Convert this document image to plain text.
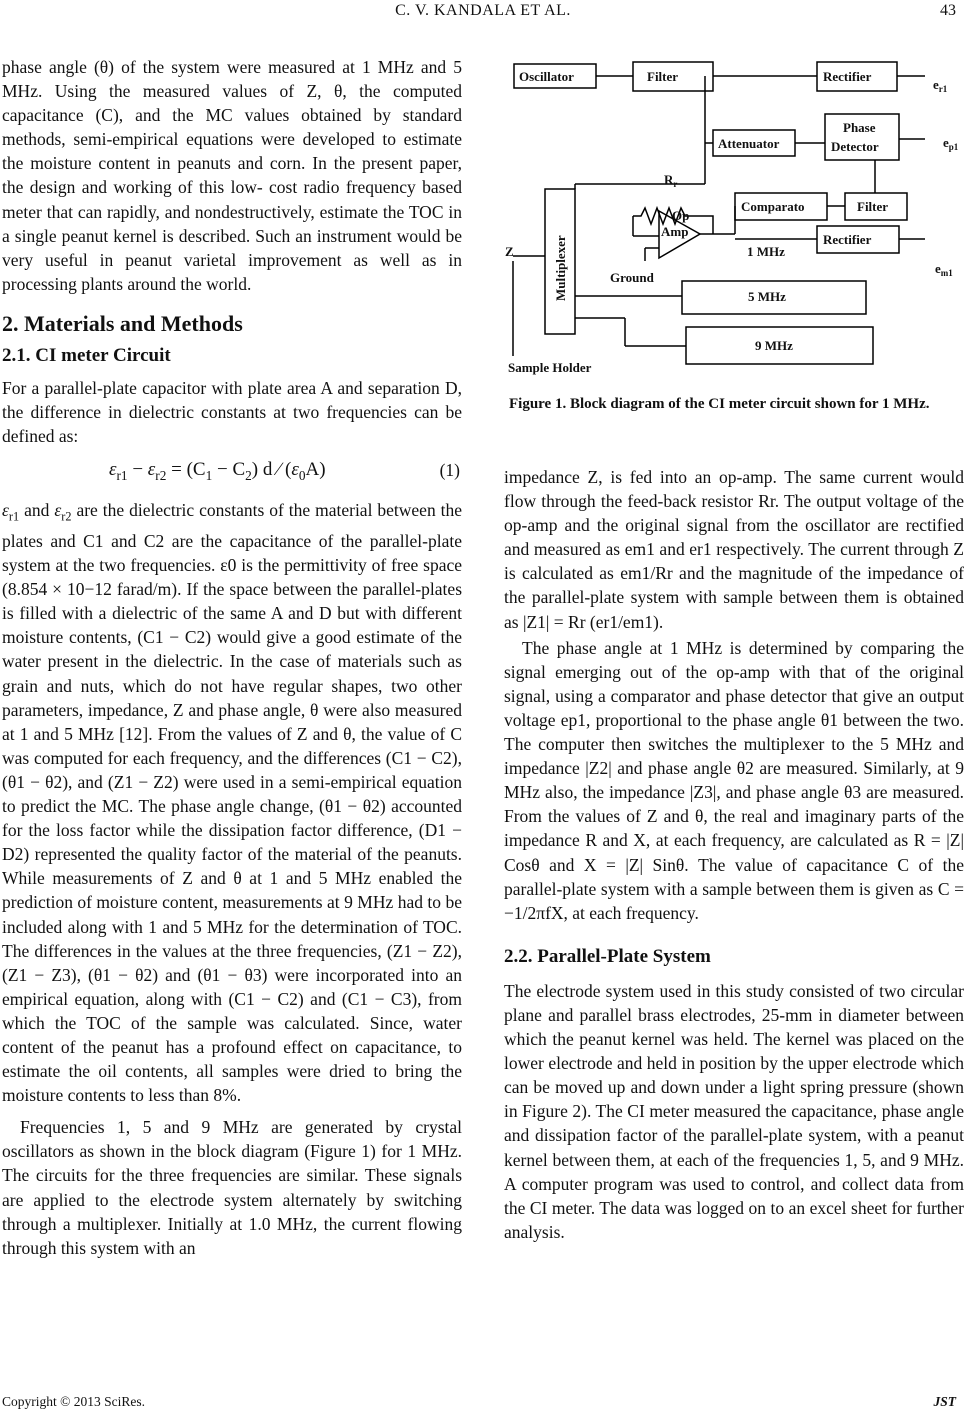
C. V. KANDALA ET AL.	43

phase angle (θ) of the system were measured at 1 MHz and 5 MHz. Using the measured values of Z, θ, the computed capacitance (C), and the MC values obtained by standard methods, semi-empirical equations were developed to estimate the moisture content in peanuts and corn. In the present paper, the design and working of this low- cost radio frequency based meter that can rapidly, and nondestructively, estimate the TOC in a single peanut kernel is described. Such an instrument would be very useful in peanut varietal improvement as well as in processing plants around the world.

2. Materials and Methods
2.1. CI meter Circuit

For a parallel-plate capacitor with plate area A and separation D, the difference in dielectric constants at two frequencies can be defined as:

$\varepsilon_{r1} - \varepsilon_{r2} = (C_1 - C_2)$ d ∕ $(\varepsilon_0A)$	(1)

$\varepsilon_{r1}$ and $\varepsilon_{r2}$ are the dielectric constants of the material between the plates and C1 and C2 are the capacitance of the parallel-plate system at the two frequencies. ε0 is the permittivity of free space (8.854 × 10−12 farad/m). If the space between the parallel-plates is filled with a dielectric of the same A and D but with different moisture contents, (C1 − C2) would give a good estimate of the water present in the dielectric. In the case of materials such as grain and nuts, which do not have regular shapes, two other parameters, impedance, Z and phase angle, θ were also measured at 1 and 5 MHz [12]. From the values of Z and θ, the value of C was computed for each frequency, and the differences (C1 − C2), (θ1 − θ2), and (Z1 − Z2) were used in a semi-empirical equation to predict the MC. The phase angle change, (θ1 − θ2) accounted for the loss factor while the dissipation factor difference, (D1 − D2) represented the quality factor of the material of the peanuts. While measurements of Z and θ at 1 and 5 MHz enabled the prediction of moisture content, measurements at 9 MHz had to be included along with 1 and 5 MHz for the determination of TOC. The differences in the values at the three frequencies, (Z1 − Z2), (Z1 − Z3), (θ1 − θ2) and (θ1 − θ3) were incorporated into an empirical equation, along with (C1 − C2) and (C1 − C3), from which the TOC of the sample was calculated. Since, water content of the peanut has a profound effect on capacitance, to estimate the oil contents, all samples were dried to bring the moisture contents to less than 8%.

Frequencies 1, 5 and 9 MHz are generated by crystal oscillators as shown in the block diagram (Figure 1) for 1 MHz. The circuits for the three frequencies are similar. These signals are applied to the electrode system alternately by switching through a multiplexer. Initially at 1.0 MHz, the current flowing through this system with an

Oscillator	Filter	Rectifier
Attenuator
Phase
Detector
Comparato	Filter
Rectifier
Multiplexer	5 MHz
9 MHz
Op
Amp
Z	1 MHz
Ground
Sample Holder
$R_r$
$e_{r1}$
$e_{p1}$
$e_{m1}$
Figure 1. Block diagram of the CI meter circuit shown for 1 MHz.

impedance Z, is fed into an op-amp. The same current would flow through the feed-back resistor Rr. The output voltage of the op-amp and the original signal from the oscillator are rectified and measured as em1 and er1 respectively. The current through Z is calculated as em1/Rr and the magnitude of the impedance of the parallel-plate system with sample between them is obtained as |Z1| = Rr (er1/em1).

The phase angle at 1 MHz is determined by comparing the signal emerging out of the op-amp with that of the original signal, using a comparator and phase detector that give an output voltage ep1, proportional to the phase angle θ1 between the two. The computer then switches the multiplexer to the 5 MHz and impedance |Z2| and phase angle θ2 are measured. Similarly, at 9 MHz also, the impedance |Z3|, and phase angle θ3 are measured. From the values of Z and θ, the real and imaginary parts of the impedance R and X, at each frequency, are calculated as R = |Z| Cosθ and X = |Z| Sinθ. The value of capacitance C of the parallel-plate system with a sample between them is given as C = −1/2πfX, at each frequency.

2.2. Parallel-Plate System

The electrode system used in this study consisted of two circular plane and parallel brass electrodes, 25-mm in diameter between which the peanut kernel was held. The kernel was placed on the lower electrode and held in position by the upper electrode which can be moved up and down under a light spring pressure (shown in Figure 2). The CI meter measured the capacitance, phase angle and dissipation factor of the parallel-plate system, with a peanut kernel between them, at each of the frequencies 1, 5, and 9 MHz. A computer program was used to control, and collect data from the CI meter. The data was logged on to an excel sheet for further analysis.

Copyright © 2013 SciRes.	JST
